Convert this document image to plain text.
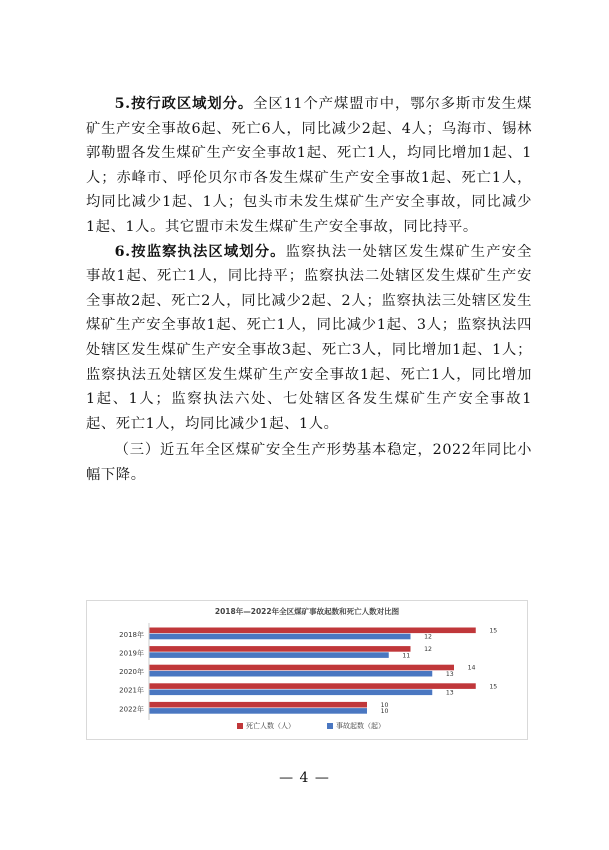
5.按行政区域划分。全区11个产煤盟市中，鄂尔多斯市发生煤矿生产安全事故6起、死亡6人，同比减少2起、4人；乌海市、锡林郭勒盟各发生煤矿生产安全事故1起、死亡1人，均同比增加1起、1人；赤峰市、呼伦贝尔市各发生煤矿生产安全事故1起、死亡1人，均同比减少1起、1人；包头市未发生煤矿生产安全事故，同比减少1起、1人。其它盟市未发生煤矿生产安全事故，同比持平。

6.按监察执法区域划分。监察执法一处辖区发生煤矿生产安全事故1起、死亡1人，同比持平；监察执法二处辖区发生煤矿生产安全事故2起、死亡2人，同比减少2起、2人；监察执法三处辖区发生煤矿生产安全事故1起、死亡1人，同比减少1起、3人；监察执法四处辖区发生煤矿生产安全事故3起、死亡3人，同比增加1起、1人；监察执法五处辖区发生煤矿生产安全事故1起、死亡1人，同比增加1起、1人；监察执法六处、七处辖区各发生煤矿生产安全事故1起、死亡1人，均同比减少1起、1人。

（三）近五年全区煤矿安全生产形势基本稳定，2022年同比小幅下降。

2018年—2022年全区煤矿事故起数和死亡人数对比图
2018年	15
12
2019年	12
11
2020年	14
13
2021年	15
13
2022年	10
10
死亡人数（人）	事故起数（起）
— 4 —
